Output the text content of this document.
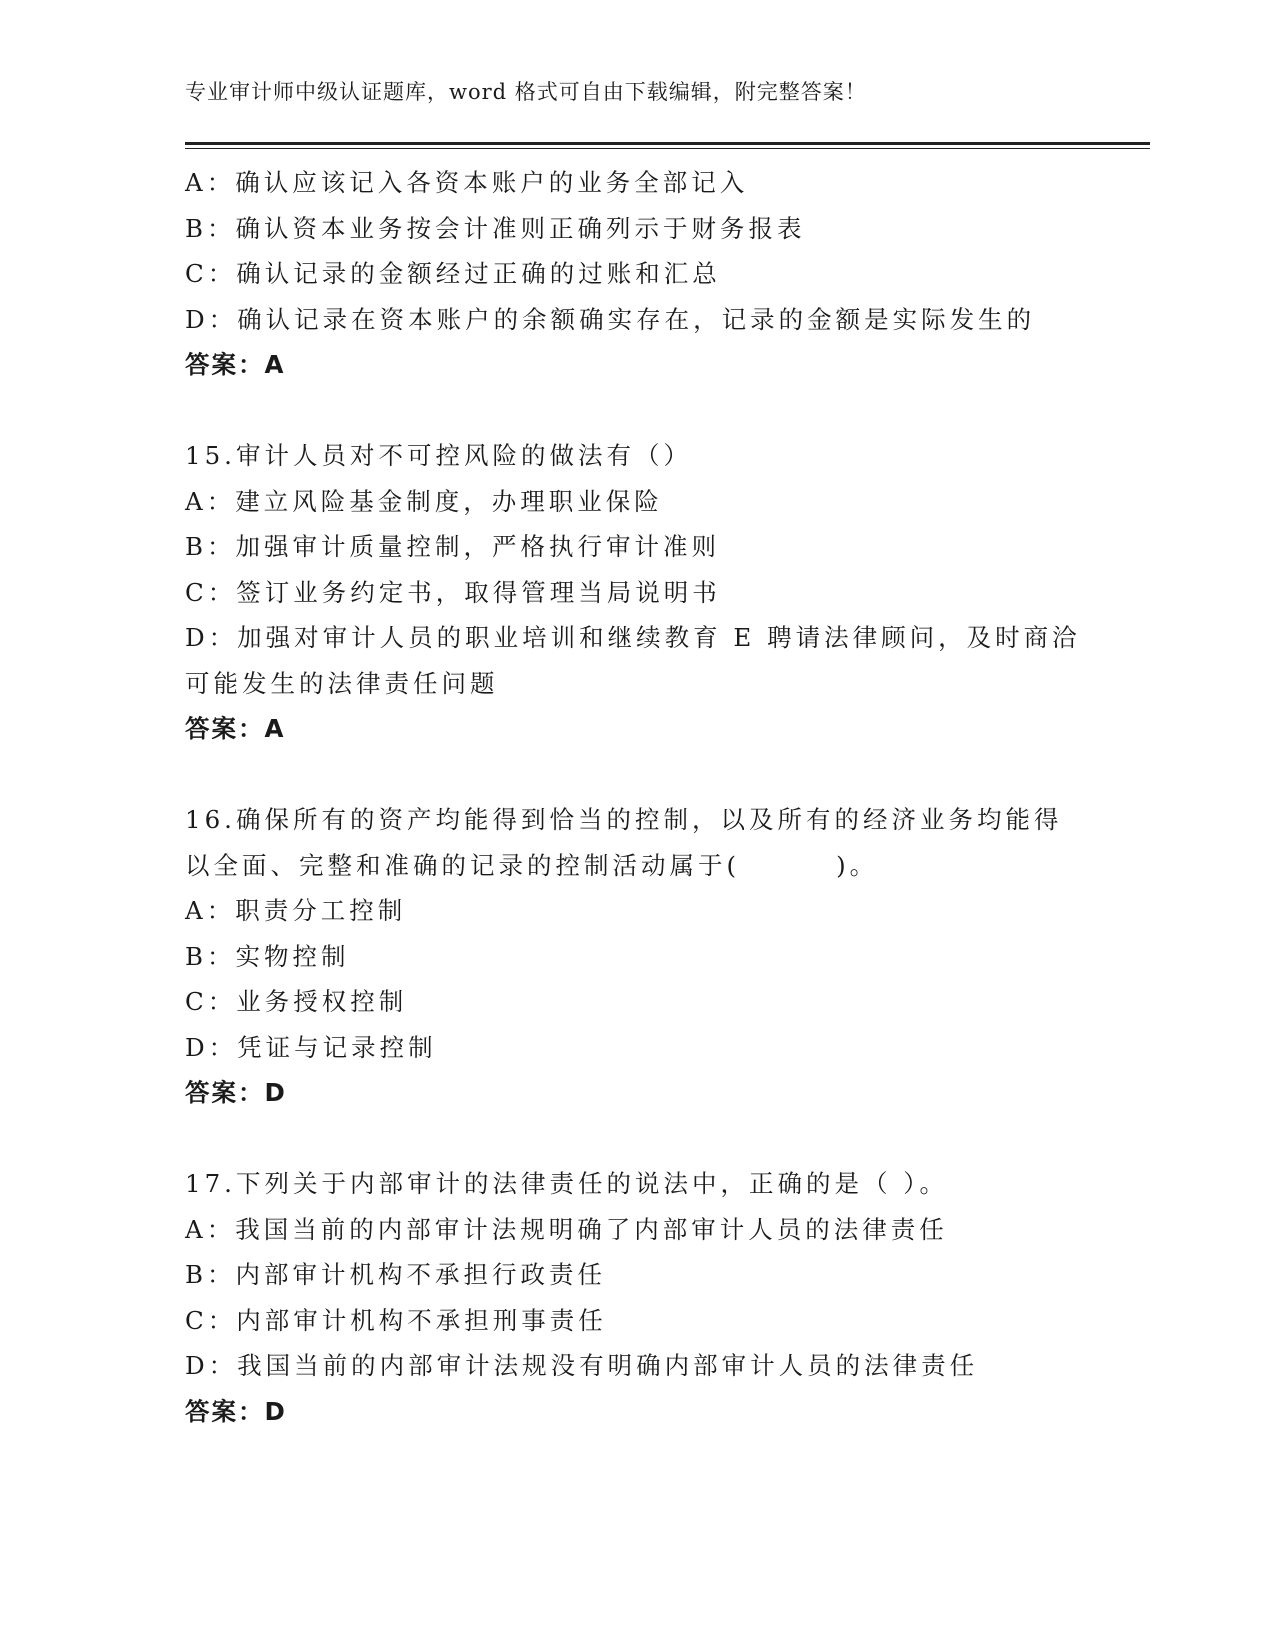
专业审计师中级认证题库，word 格式可自由下载编辑，附完整答案！
A：确认应该记入各资本账户的业务全部记入
B：确认资本业务按会计准则正确列示于财务报表
C：确认记录的金额经过正确的过账和汇总
D：确认记录在资本账户的余额确实存在，记录的金额是实际发生的
答案：A
15.审计人员对不可控风险的做法有（）
A：建立风险基金制度，办理职业保险
B：加强审计质量控制，严格执行审计准则
C：签订业务约定书，取得管理当局说明书
D：加强对审计人员的职业培训和继续教育 E 聘请法律顾问，及时商洽
可能发生的法律责任问题
答案：A
16.确保所有的资产均能得到恰当的控制，以及所有的经济业务均能得
以全面、完整和准确的记录的控制活动属于(	)。
A：职责分工控制
B：实物控制
C：业务授权控制
D：凭证与记录控制
答案：D
17.下列关于内部审计的法律责任的说法中，正确的是（ ）。
A：我国当前的内部审计法规明确了内部审计人员的法律责任
B：内部审计机构不承担行政责任
C：内部审计机构不承担刑事责任
D：我国当前的内部审计法规没有明确内部审计人员的法律责任
答案：D
